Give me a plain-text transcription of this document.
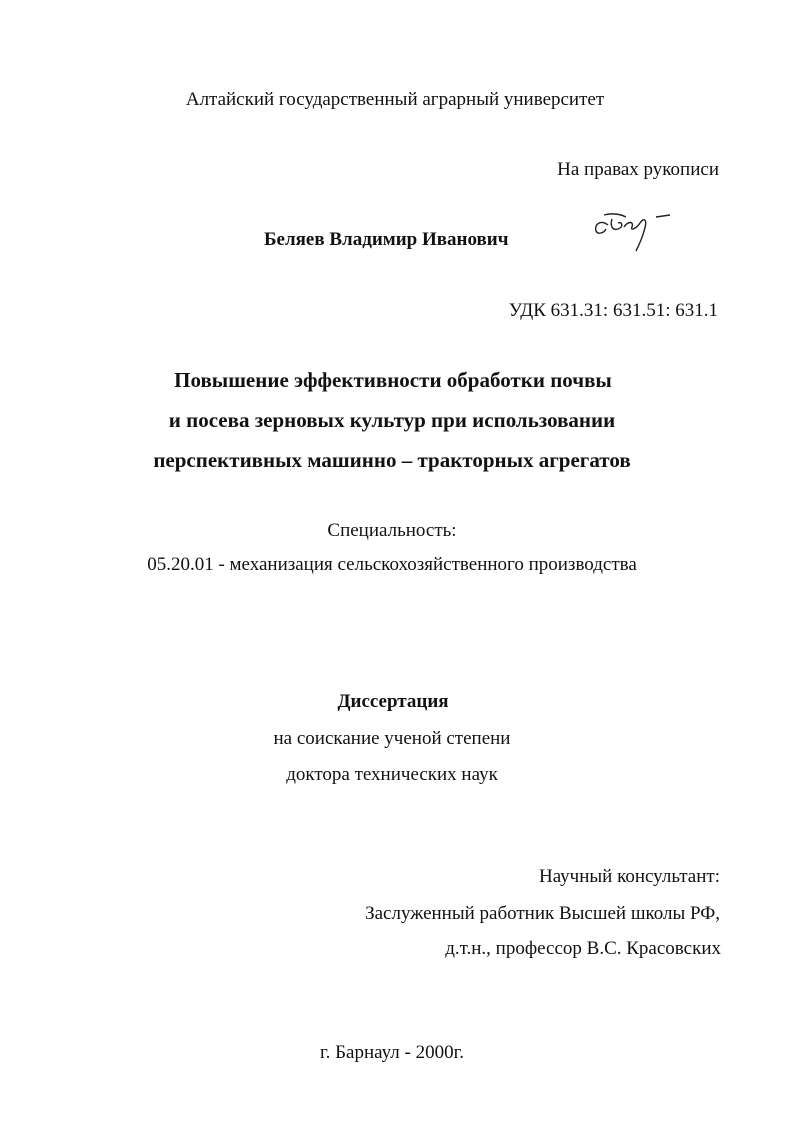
Алтайский государственный аграрный университет
На правах рукописи
Беляев Владимир Иванович
УДК 631.31: 631.51: 631.1
Повышение эффективности обработки почвы
и посева зерновых культур при использовании
перспективных машинно – тракторных агрегатов
Специальность:
05.20.01 - механизация сельскохозяйственного производства
Диссертация
на соискание ученой степени
доктора технических наук
Научный консультант:
Заслуженный работник Высшей школы РФ,
д.т.н., профессор В.С. Красовских
г. Барнаул - 2000г.
